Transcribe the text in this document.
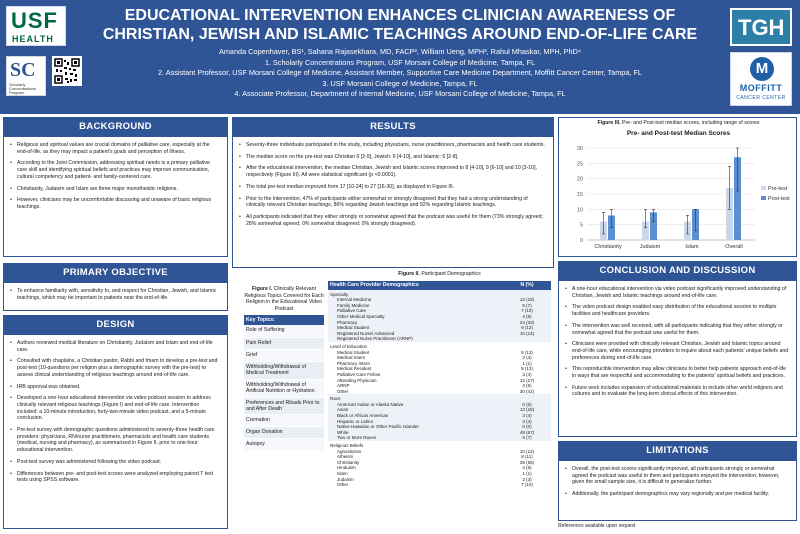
USF
HEALTH
SC
Scholarly Concentrations Program
EDUCATIONAL INTERVENTION ENHANCES CLINICIAN AWARENESS OF
CHRISTIAN, JEWISH AND ISLAMIC TEACHINGS AROUND END-OF-LIFE CARE
Amanda Copenhaver, BS¹, Sahana Rajasekhara, MD, FACP², William Ueng, MPH², Rahul Mhaskar, MPH, PhD⁴
1. Scholarly Concentrations Program, USF Morsani College of Medicine, Tampa, FL
2. Assistant Professor, USF Morsani College of Medicine, Assistant Member, Supportive Care Medicine Department, Moffitt Cancer Center, Tampa, FL
3. USF Morsani College of Medicine, Tampa, FL
4. Associate Professor, Department of Internal Medicine, USF Morsani College of Medicine, Tampa, FL
TGH
M
MOFFITT
CANCER CENTER
BACKGROUND
• Religious and spiritual values are crucial domains of palliative care, especially at the end-of-life, as they may impact a patient's goals and perception of illness.
• According to the Joint Commission, addressing spiritual needs is a primary palliative care skill and identifying spiritual beliefs and practices may improve communication, cultural competency and patient- and family-centered care.
• Christianity, Judaism and Islam are three major monotheistic religions.
• However, clinicians may be uncomfortable discussing and unaware of basic religious teachings.
PRIMARY OBJECTIVE
• To enhance familiarity with, sensitivity to, and respect for Christian, Jewish, and Islamic teachings, which may be important to patients near the end-of-life.
DESIGN
• Authors reviewed medical literature on Christianity, Judaism and Islam and end-of-life care.
• Consulted with chaplains, a Christian pastor, Rabbi and Imam to develop a pre-test and post-test (10-questions per religion plus a demographic survey with the pre-test) to assess clinical understanding of religious teachings around end-of-life care.
• IRB approval was obtained.
• Developed a one-hour educational intervention via video podcast session to address clinically relevant religious teachings (Figure I) and end-of-life care. Intervention included: a 10-minute introduction, forty-two-minute video podcast, and a 5-minute conclusion.
• Pre-test survey with demographic questions administered to seventy-three health care providers: physicians, RN/nurse practitioners, pharmacists and health care students (medical, nursing and pharmacy), as summarized in Figure II, prior to one-hour educational intervention.
• Post-test survey was administered following the video podcast.
• Differences between pre- and post-test scores were analyzed employing paired T test tests using SPSS software.
RESULTS
• Seventy-three individuals participated in the study, including physicians, nurse practitioners, pharmacists and health care students.
• The median score on the pre-test was Christian 6 [2-9], Jewish: 6 [4-10], and Islamic: 6 [2-8].
• After the educational intervention, the median Christian, Jewish and Islamic scores improved to 8 [4-10], 9 [6-10] and 10 [3-10], respectively (Figure III). All were statistical significant (p <0.0001).
• The total pre-test median improved from 17 [10-24] to 27 [16-30], as displayed in Figure III.
• Prior to the intervention, 47% of participants either somewhat or strongly disagreed that they had a strong understanding of clinically relevant Christian teachings, 86% regarding Jewish teachings and 92% regarding Islamic teachings.
• All participants indicated that they either strongly or somewhat agreed that the podcast was useful for them (73% strongly agreed; 28% somewhat agreed; 0% somewhat disagreed; 0% strongly disagreed).
Figure I. Clinically Relevant Religious Topics Covered for Each Religion in the Educational Video Podcast
Key Topics:
Role of Suffering
Pain Relief
Grief
Withholding/Withdrawal of Medical Treatment
Withholding/Withdrawal of Artificial Nutrition or Hydration
Preferences and Rituals Prior to and After Death
Cremation
Organ Donation
Autopsy
Figure II. Participant Demographics
Health Care Provider Demographics	N (%)
Specialty	
Internal Medicine	13 (18)
Family Medicine	5 (7)
Palliative Care	7 (10)
Other Medical Specialty	4 (6)
Pharmacy	24 (33)
Medical Student	9 (12)
Registered Nurse/ Advanced	10 (14)
Registered Nurse Practitioner (ARNP)	
Level of Education	
Medical Student	9 (13)
Medical Intern	3 (4)
Pharmacy Intern	1 (1)
Medical Resident	9 (13)
Palliative Care Fellow	3 (4)
Attending Physician	12 (17)
ARNP	4 (6)
Other	30 (42)
Race	
American Indian or Alaska Native	0 (0)
Asian	13 (18)
Black or African American	3 (4)
Hispanic or Latino	3 (4)
Native Hawaiian or Other Pacific Islander	0 (0)
White	48 (67)
Two or More Races	5 (7)
Religious Beliefs	
Agnosticism	10 (14)
Atheism	8 (11)
Christianity	39 (55)
Hinduism	4 (6)
Islam	1 (1)
Judaism	2 (3)
Other	7 (10)
Figure III. Pre- and Post-test median scores, including range of scores
Pre- and Post-test Median Scores
0
5
10
15
20
25
30
Christianity	Judaism	Islam	Overall
Pre-test
Post-test
CONCLUSION AND DISCUSSION
• A one-hour educational intervention via video podcast significantly improved understanding of Christian, Jewish and Islamic teachings around end-of-life care.
• The video podcast design enabled easy distribution of the educational session to multiple facilities and healthcare providers.
• The intervention was well received, with all participants indicating that they either strongly or somewhat agreed that the podcast was useful for them.
• Clinicians were provided with clinically relevant Christian, Jewish and Islamic topics around end-of-life care, while encouraging providers to inquire about each patients' unique beliefs and preferences during end-of-life care.
• This reproducible intervention may allow clinicians to better help patients approach end-of-life in ways that are respectful and accommodating to the patients' spiritual beliefs and practices.
• Future work includes expansion of educational materials to include other world religions and cultures and to evaluate the long-term clinical effects of this intervention.
LIMITATIONS
• Overall, the post-test scores significantly improved, all participants strongly or somewhat agreed the podcast was useful to them and participants enjoyed the intervention; however, given the small sample size, it is difficult to generalize further.
• Additionally, the participant demographics may vary regionally and per medical facility.
References available upon request
